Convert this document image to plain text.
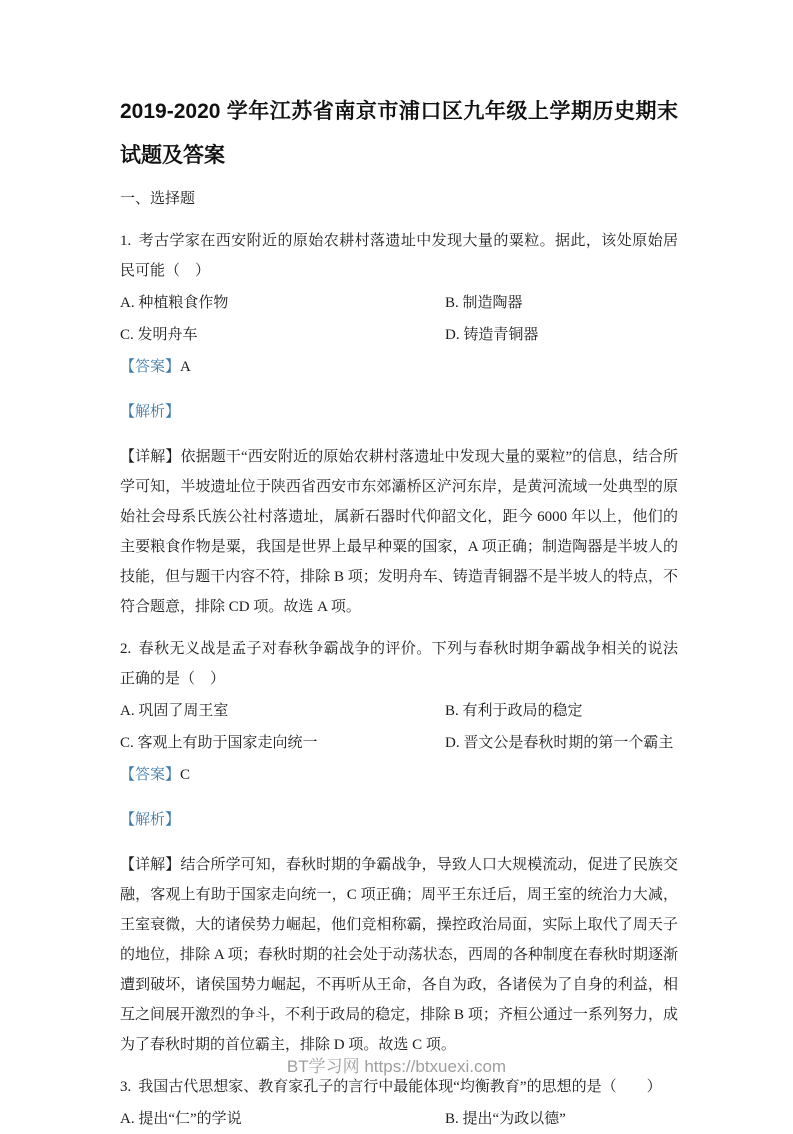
2019-2020 学年江苏省南京市浦口区九年级上学期历史期末试题及答案

一、选择题

1. 考古学家在西安附近的原始农耕村落遗址中发现大量的粟粒。据此，该处原始居民可能（　）

A. 种植粮食作物	B. 制造陶器
C. 发明舟车	D. 铸造青铜器

【答案】A

【解析】

【详解】依据题干“西安附近的原始农耕村落遗址中发现大量的粟粒”的信息，结合所学可知，半坡遗址位于陕西省西安市东郊灞桥区浐河东岸，是黄河流域一处典型的原始社会母系氏族公社村落遗址，属新石器时代仰韶文化，距今 6000 年以上，他们的主要粮食作物是粟，我国是世界上最早种粟的国家，A 项正确；制造陶器是半坡人的技能，但与题干内容不符，排除 B 项；发明舟车、铸造青铜器不是半坡人的特点，不符合题意，排除 CD 项。故选 A 项。

2. 春秋无义战是孟子对春秋争霸战争的评价。下列与春秋时期争霸战争相关的说法正确的是（　）

A. 巩固了周王室	B. 有利于政局的稳定
C. 客观上有助于国家走向统一	D. 晋文公是春秋时期的第一个霸主

【答案】C

【解析】

【详解】结合所学可知，春秋时期的争霸战争，导致人口大规模流动，促进了民族交融，客观上有助于国家走向统一，C 项正确；周平王东迁后，周王室的统治力大减，王室衰微，大的诸侯势力崛起，他们竞相称霸，操控政治局面，实际上取代了周天子的地位，排除 A 项；春秋时期的社会处于动荡状态，西周的各种制度在春秋时期逐渐遭到破坏，诸侯国势力崛起，不再听从王命，各自为政，各诸侯为了自身的利益，相互之间展开激烈的争斗，不利于政局的稳定，排除 B 项；齐桓公通过一系列努力，成为了春秋时期的首位霸主，排除 D 项。故选 C 项。

3. 我国古代思想家、教育家孔子的言行中最能体现“均衡教育”的思想的是（　　）

A. 提出“仁”的学说	B. 提出“为政以德”
BT学习网 https://btxuexi.com
